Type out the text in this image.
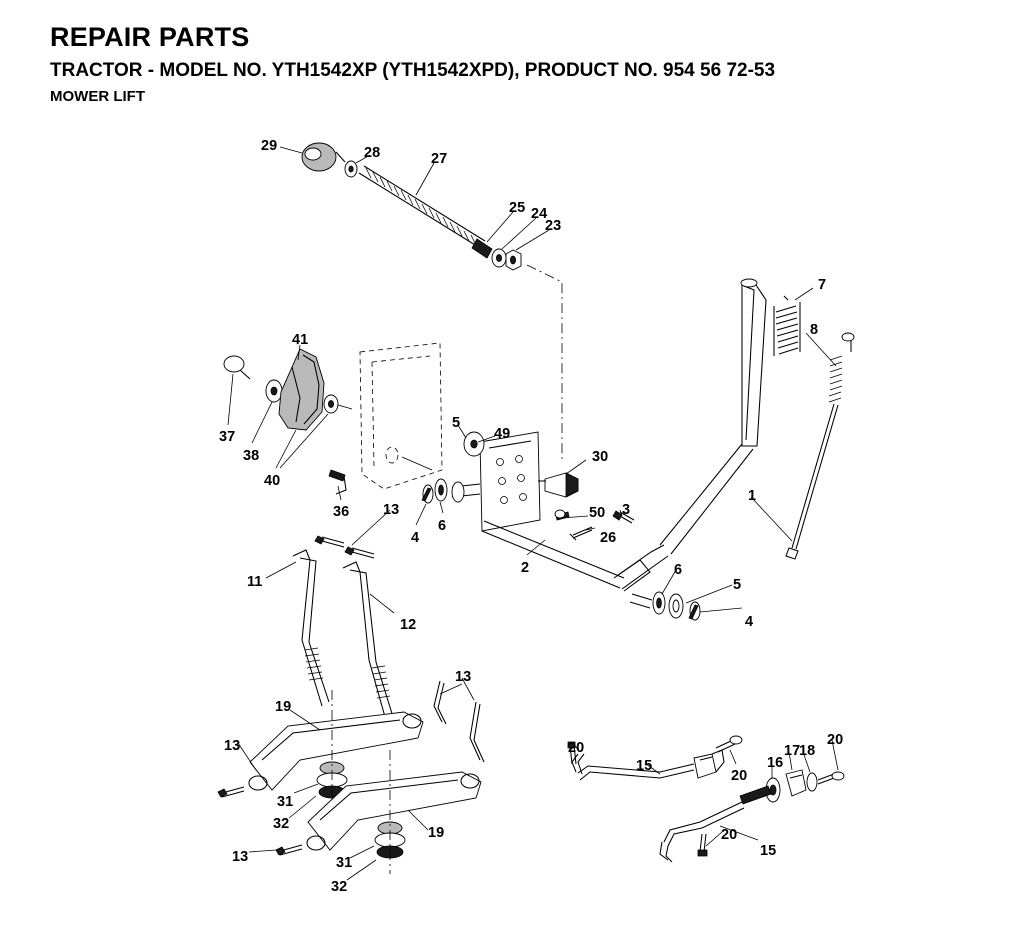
REPAIR PARTS
TRACTOR - MODEL NO. YTH1542XP (YTH1542XPD), PRODUCT NO. 954 56 72-53
MOWER LIFT
29	28	27
25 24
23
7
8
41
37
38
40
5
49
30
1
36 13
4
6
50 3
26
2	6
5
4
11
12
13
19
13
31
32
19
13	31
32
20
15
20
16
17
18
20
20
15
